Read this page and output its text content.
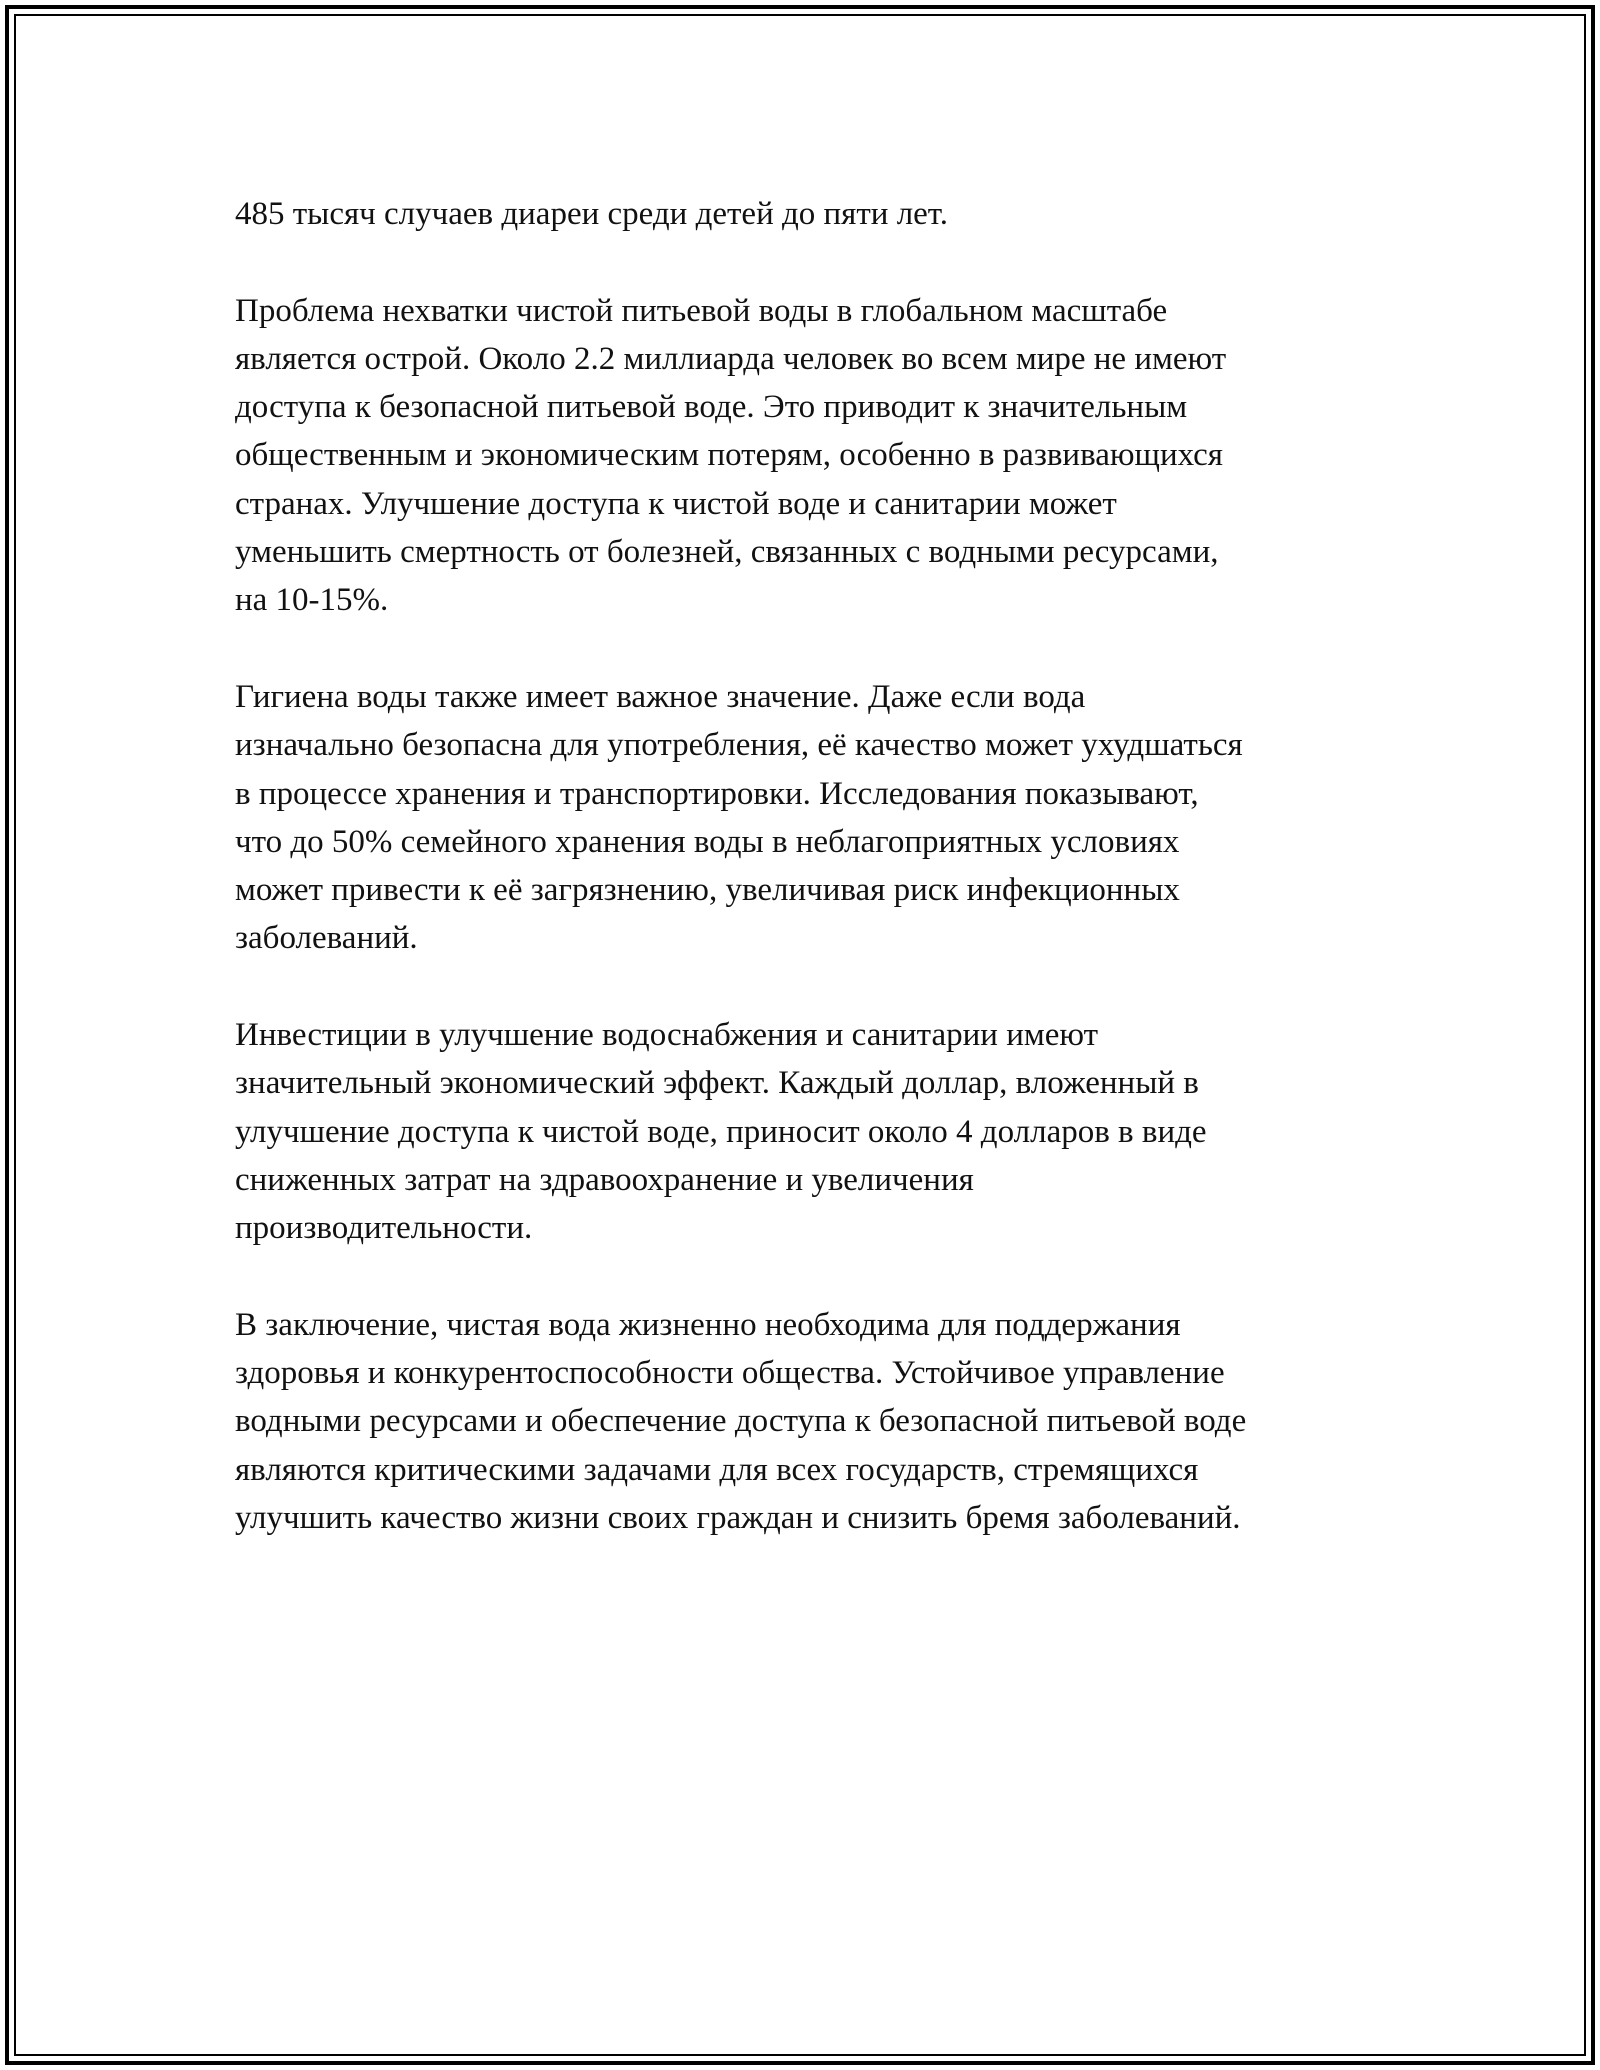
485 тысяч случаев диареи среди детей до пяти лет.

Проблема нехватки чистой питьевой воды в глобальном масштабе
является острой. Около 2.2 миллиарда человек во всем мире не имеют
доступа к безопасной питьевой воде. Это приводит к значительным
общественным и экономическим потерям, особенно в развивающихся
странах. Улучшение доступа к чистой воде и санитарии может
уменьшить смертность от болезней, связанных с водными ресурсами,
на 10-15%.

Гигиена воды также имеет важное значение. Даже если вода
изначально безопасна для употребления, её качество может ухудшаться
в процессе хранения и транспортировки. Исследования показывают,
что до 50% семейного хранения воды в неблагоприятных условиях
может привести к её загрязнению, увеличивая риск инфекционных
заболеваний.

Инвестиции в улучшение водоснабжения и санитарии имеют
значительный экономический эффект. Каждый доллар, вложенный в
улучшение доступа к чистой воде, приносит около 4 долларов в виде
сниженных затрат на здравоохранение и увеличения
производительности.

В заключение, чистая вода жизненно необходима для поддержания
здоровья и конкурентоспособности общества. Устойчивое управление
водными ресурсами и обеспечение доступа к безопасной питьевой воде
являются критическими задачами для всех государств, стремящихся
улучшить качество жизни своих граждан и снизить бремя заболеваний.
